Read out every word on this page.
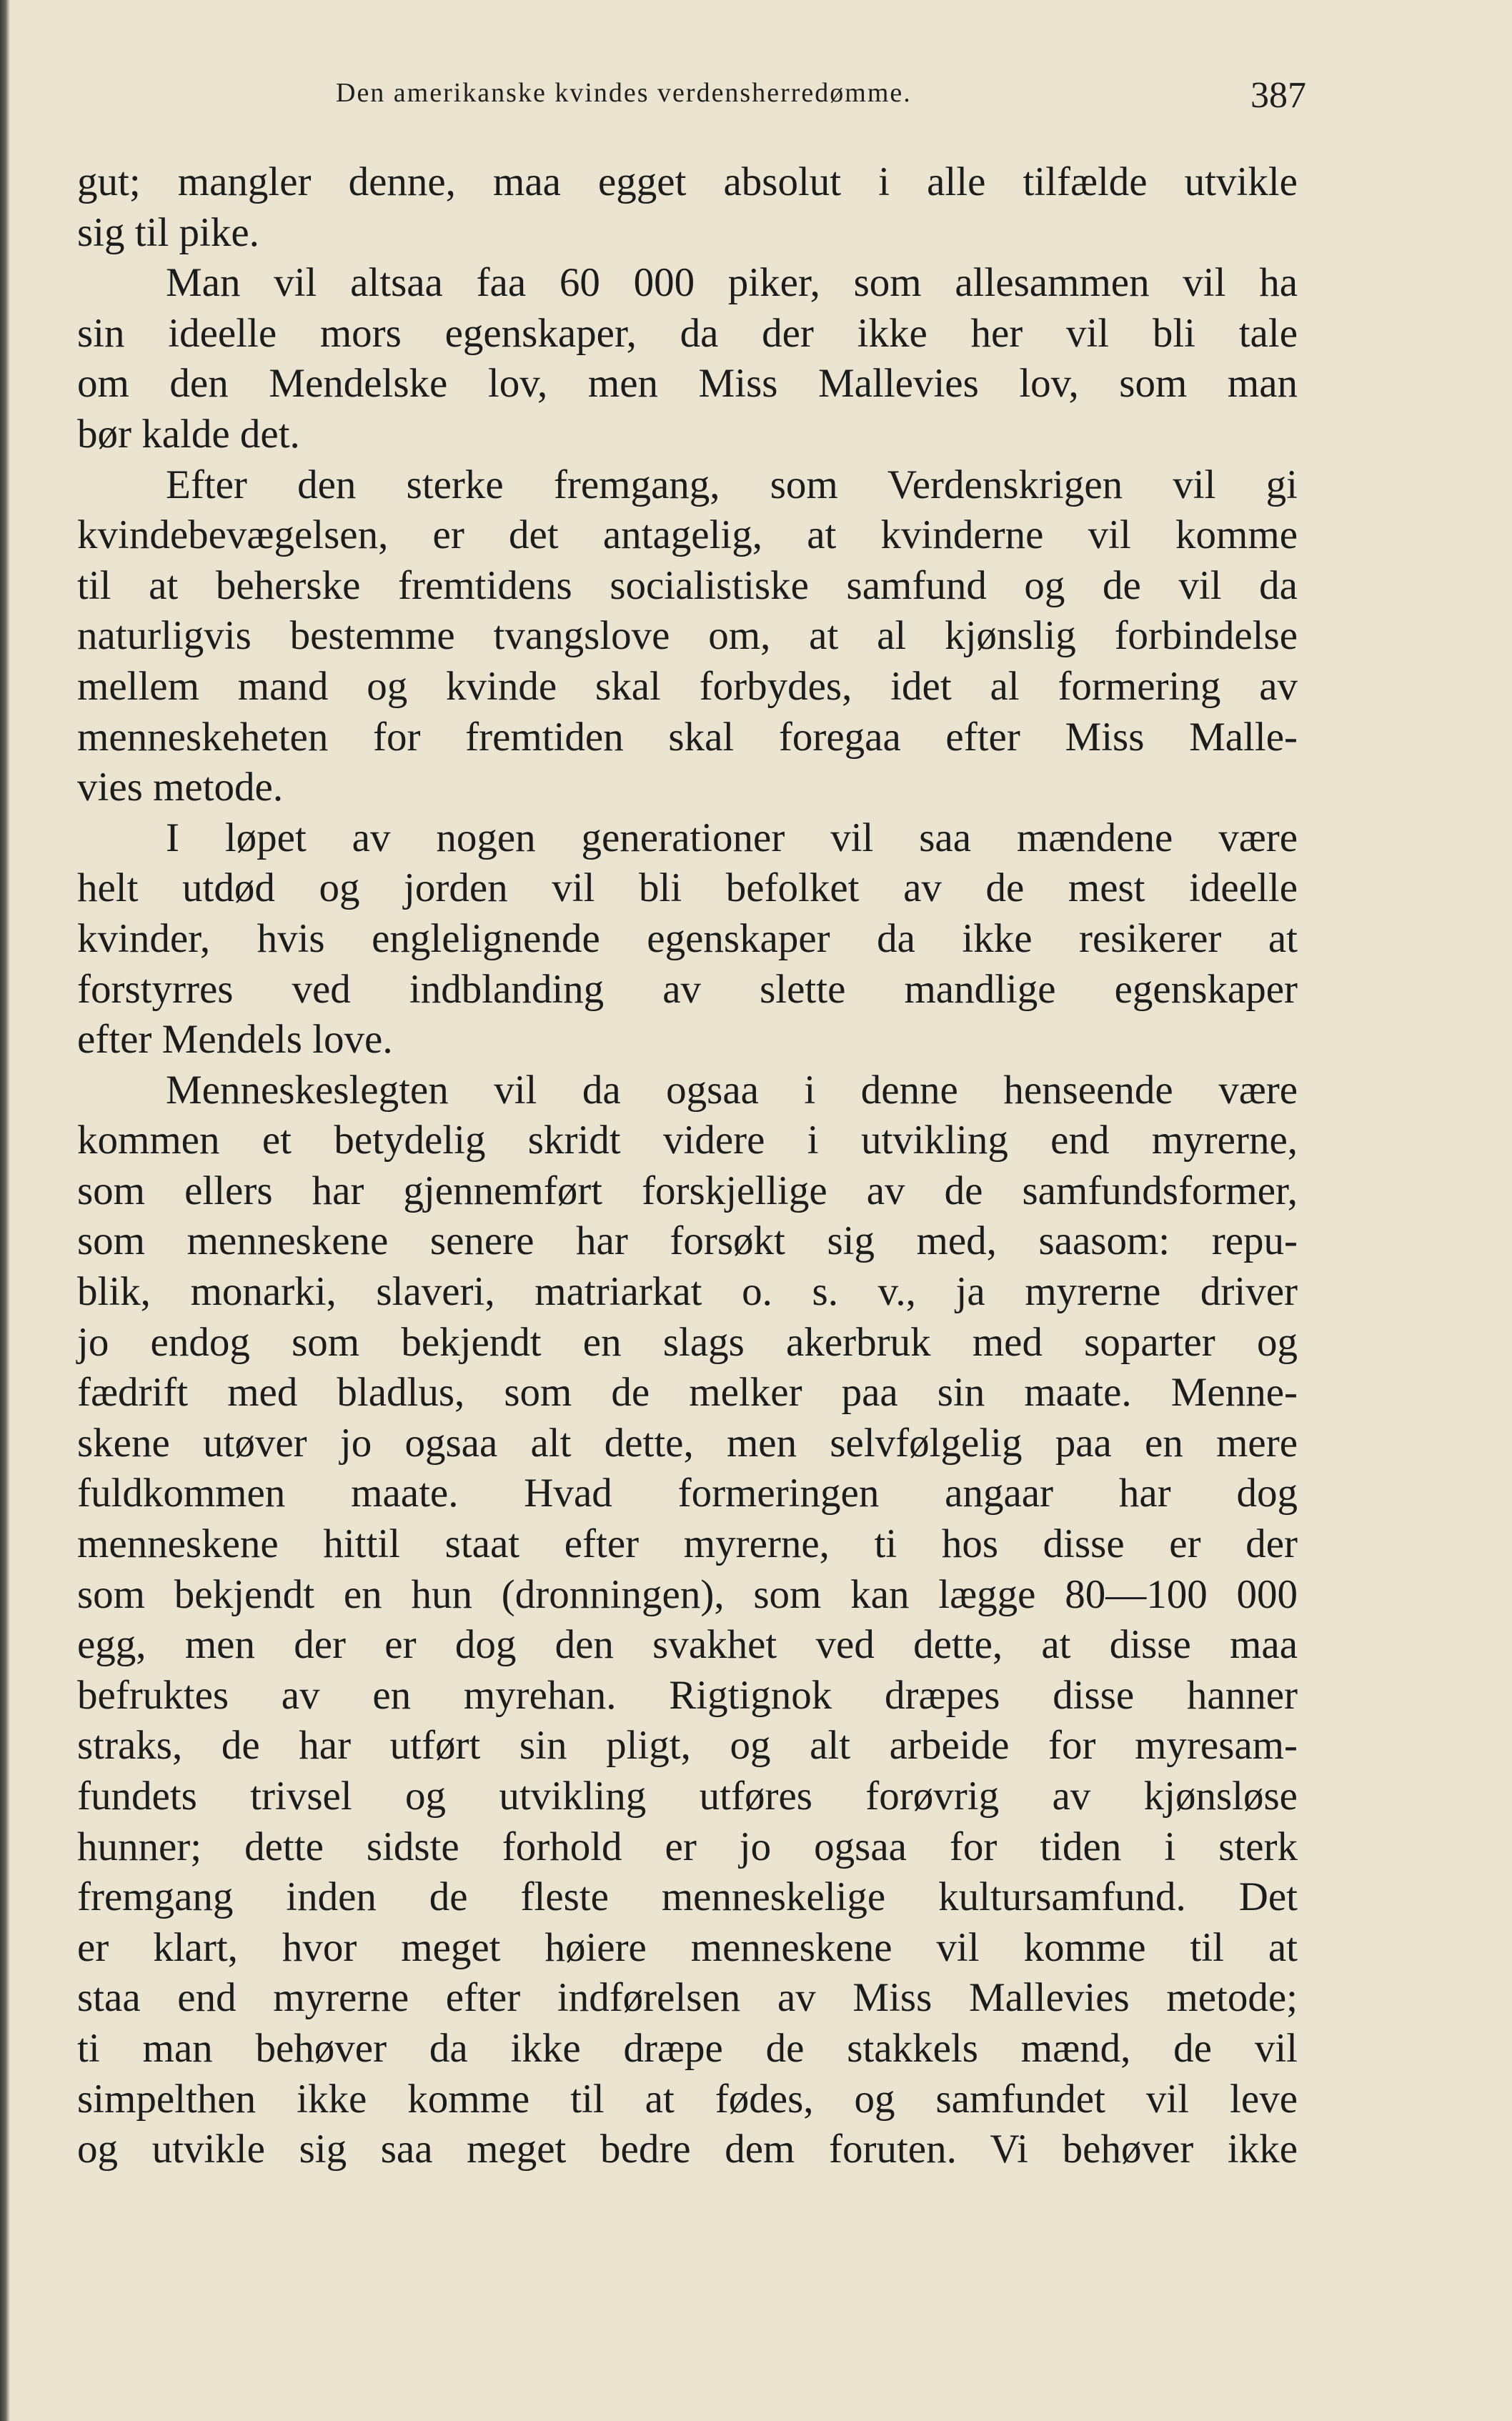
Den amerikanske kvindes verdensherredømme.	387
gut; mangler denne, maa egget absolut i alle tilfælde utvikle
sig til pike.
Man vil altsaa faa 60 000 piker, som allesammen vil ha
sin ideelle mors egenskaper, da der ikke her vil bli tale
om den Mendelske lov, men Miss Mallevies lov, som man
bør kalde det.
Efter den sterke fremgang, som Verdenskrigen vil gi
kvindebevægelsen, er det antagelig, at kvinderne vil komme
til at beherske fremtidens socialistiske samfund og de vil da
naturligvis bestemme tvangslove om, at al kjønslig forbindelse
mellem mand og kvinde skal forbydes, idet al formering av
menneskeheten for fremtiden skal foregaa efter Miss Malle-
vies metode.
I løpet av nogen generationer vil saa mændene være
helt utdød og jorden vil bli befolket av de mest ideelle
kvinder, hvis englelignende egenskaper da ikke resikerer at
forstyrres ved indblanding av slette mandlige egenskaper
efter Mendels love.
Menneskeslegten vil da ogsaa i denne henseende være
kommen et betydelig skridt videre i utvikling end myrerne,
som ellers har gjennemført forskjellige av de samfundsformer,
som menneskene senere har forsøkt sig med, saasom: repu-
blik, monarki, slaveri, matriarkat o. s. v., ja myrerne driver
jo endog som bekjendt en slags akerbruk med soparter og
fædrift med bladlus, som de melker paa sin maate. Menne-
skene utøver jo ogsaa alt dette, men selvfølgelig paa en mere
fuldkommen maate. Hvad formeringen angaar har dog
menneskene hittil staat efter myrerne, ti hos disse er der
som bekjendt en hun (dronningen), som kan lægge 80—100 000
egg, men der er dog den svakhet ved dette, at disse maa
befruktes av en myrehan. Rigtignok dræpes disse hanner
straks, de har utført sin pligt, og alt arbeide for myresam-
fundets trivsel og utvikling utføres forøvrig av kjønsløse
hunner; dette sidste forhold er jo ogsaa for tiden i sterk
fremgang inden de fleste menneskelige kultursamfund. Det
er klart, hvor meget høiere menneskene vil komme til at
staa end myrerne efter indførelsen av Miss Mallevies metode;
ti man behøver da ikke dræpe de stakkels mænd, de vil
simpelthen ikke komme til at fødes, og samfundet vil leve
og utvikle sig saa meget bedre dem foruten. Vi behøver ikke
